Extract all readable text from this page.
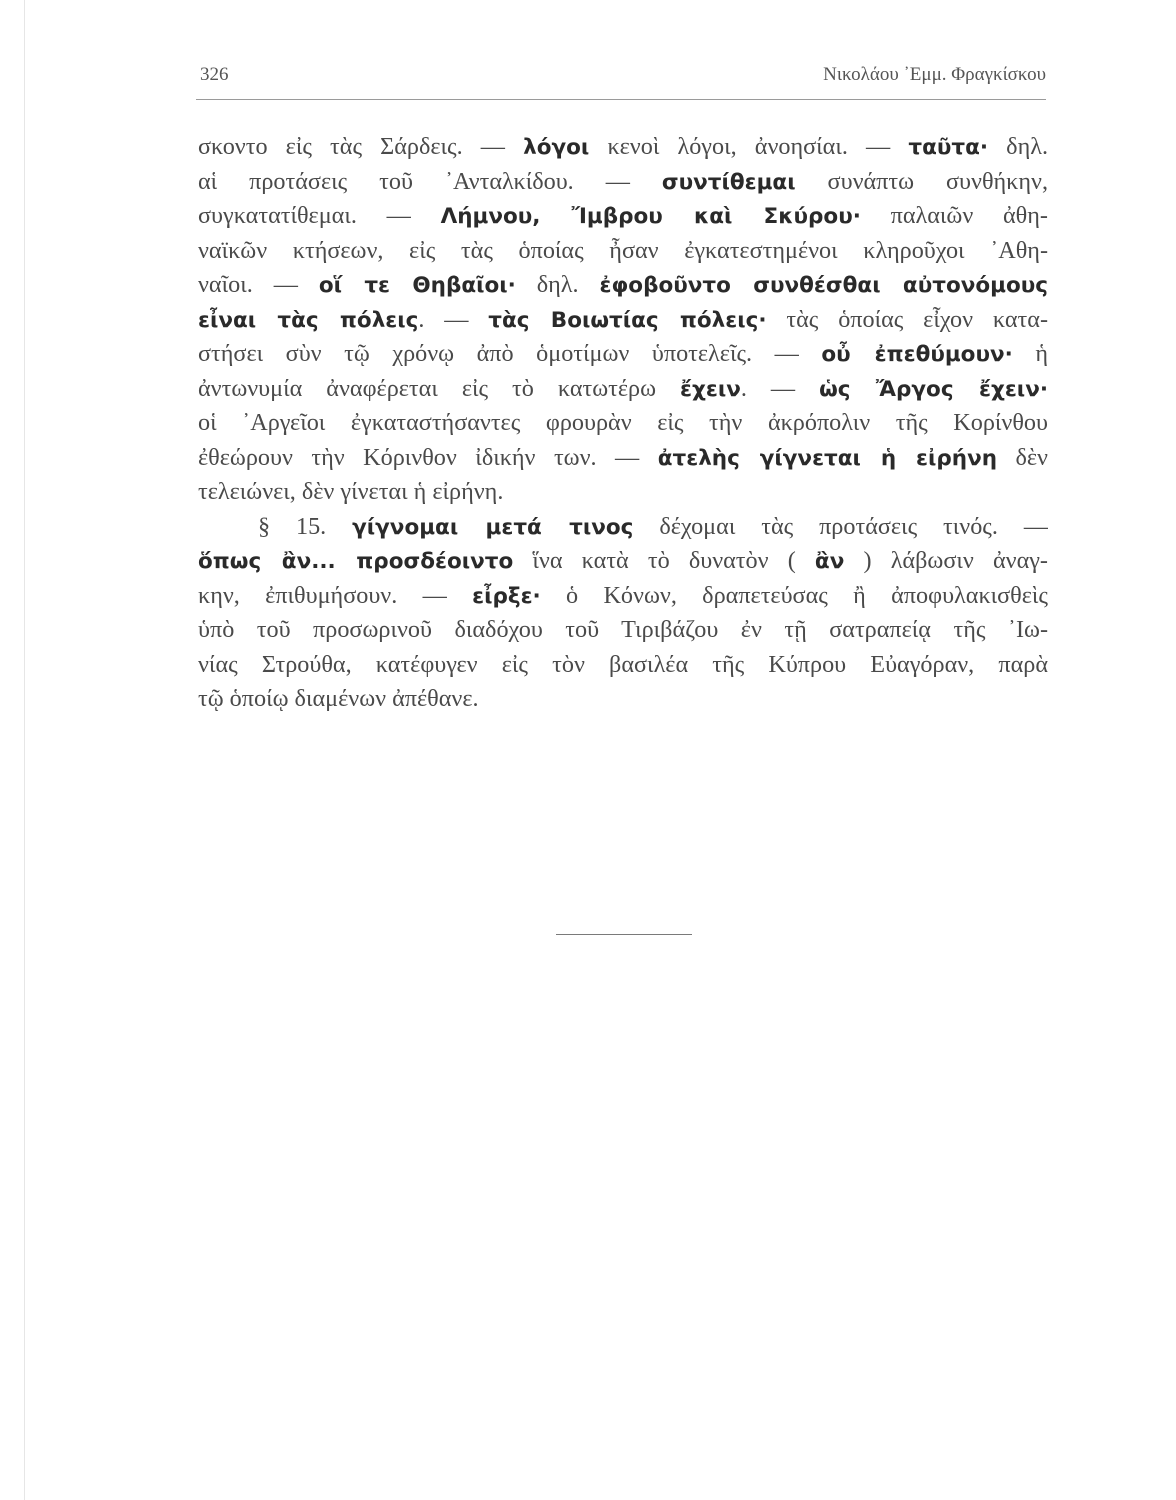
326	Νικολάου ᾿Εμμ. Φραγκίσκου
σκοντο εἰς τὰς Σάρδεις. — λόγοι κενοὶ λόγοι, ἀνοησίαι. — ταῦτα· δηλ.
αἱ προτάσεις τοῦ ᾿Ανταλκίδου. — συντίθεμαι συνάπτω συνθήκην,
συγκατατίθεμαι. — Λήμνου, Ἴμβρου καὶ Σκύρου· παλαιῶν ἀθη-
ναϊκῶν κτήσεων, εἰς τὰς ὁποίας ἦσαν ἐγκατεστημένοι κληροῦχοι ᾿Αθη-
ναῖοι. — οἵ τε Θηβαῖοι· δηλ. ἐφοβοῦντο συνθέσθαι αὐτονόμους
εἶναι τὰς πόλεις. — τὰς Βοιωτίας πόλεις· τὰς ὁποίας εἶχον κατα-
στήσει σὺν τῷ χρόνῳ ἀπὸ ὁμοτίμων ὑποτελεῖς. — οὖ ἐπεθύμουν· ἡ
ἀντωνυμία ἀναφέρεται εἰς τὸ κατωτέρω ἔχειν. — ὡς Ἄργος ἔχειν·
οἱ ᾿Αργεῖοι ἐγκαταστήσαντες φρουρὰν εἰς τὴν ἀκρόπολιν τῆς Κορίνθου
ἐθεώρουν τὴν Κόρινθον ἰδικήν των. — ἀτελὴς γίγνεται ἡ εἰρήνη δὲν
τελειώνει, δὲν γίνεται ἡ εἰρήνη.
§ 15. γίγνομαι μετά τινος δέχομαι τὰς προτάσεις τινός. —
ὅπως ἂν... προσδέοιντο ἵνα κατὰ τὸ δυνατὸν ( ἂν ) λάβωσιν ἀναγ-
κην, ἐπιθυμήσουν. — εἶρξε· ὁ Κόνων, δραπετεύσας ἢ ἀποφυλακισθεὶς
ὑπὸ τοῦ προσωρινοῦ διαδόχου τοῦ Τιριβάζου ἐν τῇ σατραπείᾳ τῆς ᾿Ιω-
νίας Στρούθα, κατέφυγεν εἰς τὸν βασιλέα τῆς Κύπρου Εὐαγόραν, παρὰ
τῷ ὁποίῳ διαμένων ἀπέθανε.
